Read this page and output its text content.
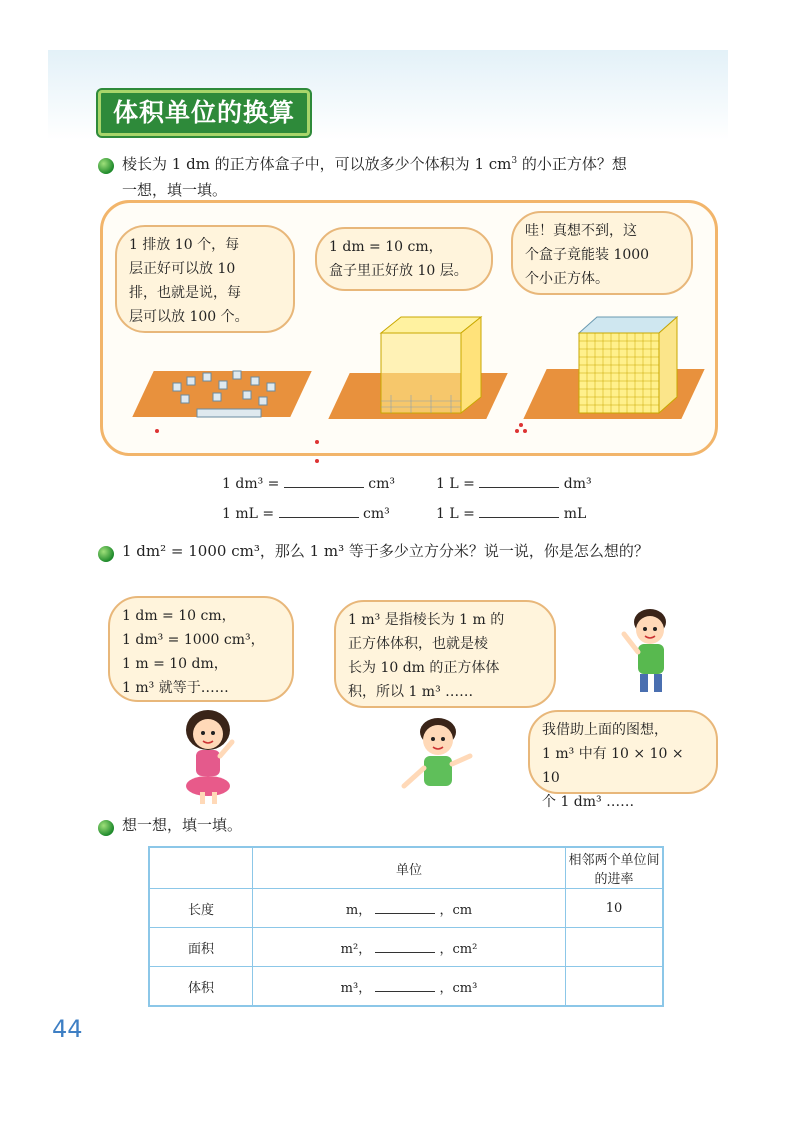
体积单位的换算
棱长为 1 dm 的正方体盒子中，可以放多少个体积为 1 $cm^3$ 的小正方体？想
一想，填一填。
1 排放 10 个，每
层正好可以放 10
排，也就是说，每
层可以放 100 个。
1 dm = 10 cm，
盒子里正好放 10 层。
哇！真想不到，这
个盒子竟能装 1000
个小正方体。

1 dm³ =	cm³	1 L =	dm³
1 mL =	cm³	1 L =	mL
1 dm² = 1000 cm³，那么 1 m³ 等于多少立方分米？说一说，你是怎么想的？
1 dm = 10 cm，
1 dm³ = 1000 cm³，
1 m = 10 dm，
1 m³ 就等于……
1 m³ 是指棱长为 1 m 的
正方体体积，也就是棱
长为 10 dm 的正方体体
积，所以 1 m³ ……
我借助上面的图想，
1 m³ 中有 10 × 10 × 10
个 1 dm³ ……
想一想，填一填。
	单位	相邻两个单位间的进率
长度	m， ，cm	10
面积	m²， ，cm²	
体积	m³， ，cm³	
44
